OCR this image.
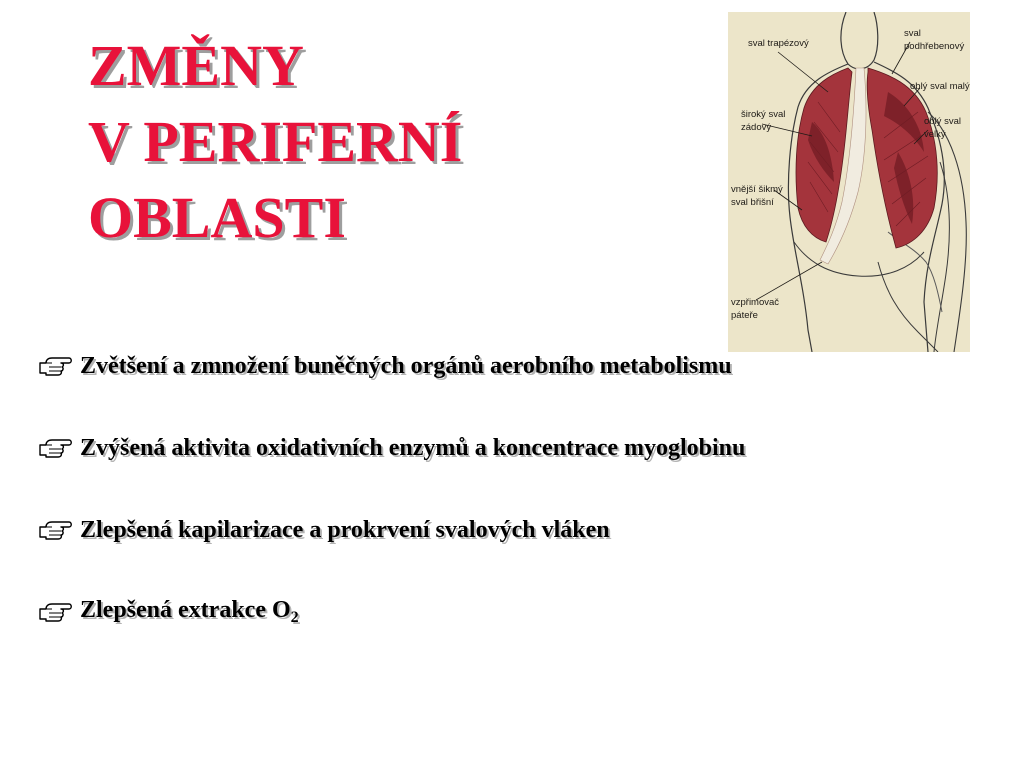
ZMĚNY
V PERIFERNÍ
OBLASTI
sval trapézový
sval
podhřebenový
oblý sval malý
široký sval
zádový
oblý sval
velký
vnější šikmý
sval břišní
vzpřimovač
páteře
Zvětšení a zmnožení buněčných orgánů aerobního metabolismu
Zvýšená aktivita oxidativních enzymů a koncentrace myoglobinu
Zlepšená kapilarizace a prokrvení svalových vláken
Zlepšená extrakce $O_2$
